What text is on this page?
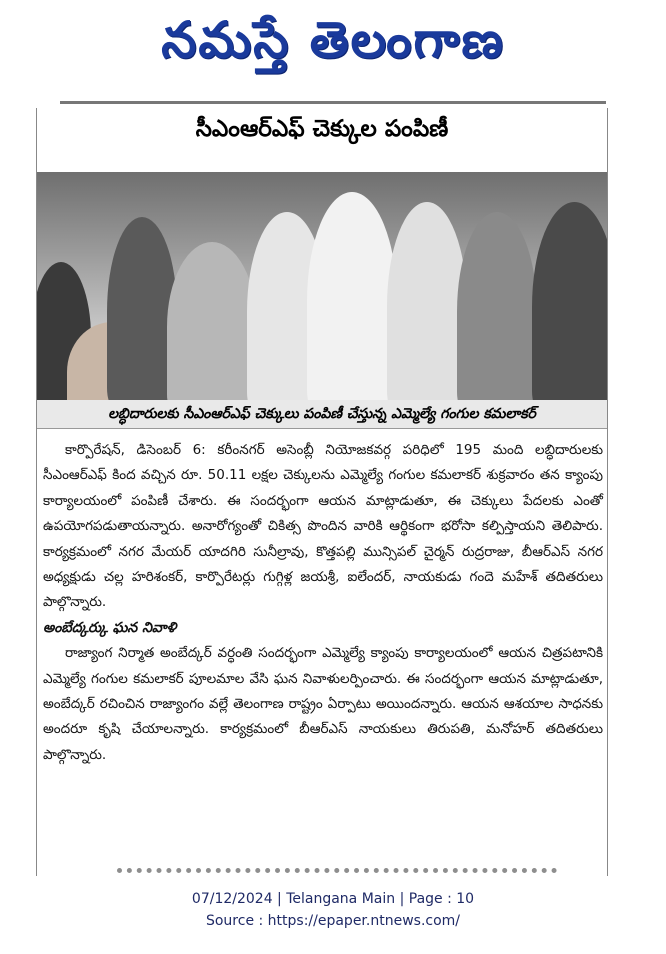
నమస్తే తెలంగాణ
సీఎంఆర్ఎఫ్ చెక్కుల పంపిణీ
లబ్ధిదారులకు సీఎంఆర్ఎఫ్ చెక్కులు పంపిణీ చేస్తున్న ఎమ్మెల్యే గంగుల కమలాకర్

కార్పొరేషన్, డిసెంబర్ 6: కరీంనగర్ అసెంబ్లీ నియోజకవర్గ పరిధిలో 195 మంది లబ్ధిదారులకు సీఎంఆర్ఎఫ్ కింద వచ్చిన రూ. 50.11 లక్షల చెక్కులను ఎమ్మెల్యే గంగుల కమలాకర్ శుక్రవారం తన క్యాంపు కార్యాలయంలో పంపిణీ చేశారు. ఈ సందర్భంగా ఆయన మాట్లాడుతూ, ఈ చెక్కులు పేదలకు ఎంతో ఉపయోగపడుతాయన్నారు. అనారోగ్యంతో చికిత్స పొందిన వారికి ఆర్థికంగా భరోసా కల్పిస్తాయని తెలిపారు. కార్యక్రమంలో నగర మేయర్ యాదగిరి సునీల్రావు, కొత్తపల్లి మున్సిపల్ చైర్మన్ రుద్రరాజు, బీఆర్ఎస్ నగర అధ్యక్షుడు చల్ల హరిశంకర్, కార్పొరేటర్లు గుగ్గిళ్ల జయశ్రీ, ఐలేందర్, నాయకుడు గందె మహేశ్ తదితరులు పాల్గొన్నారు.

అంబేద్కర్కు ఘన నివాళి

రాజ్యాంగ నిర్మాత అంబేద్కర్ వర్ధంతి సందర్భంగా ఎమ్మెల్యే క్యాంపు కార్యాలయంలో ఆయన చిత్రపటానికి ఎమ్మెల్యే గంగుల కమలాకర్ పూలమాల వేసి ఘన నివాళులర్పించారు. ఈ సందర్భంగా ఆయన మాట్లాడుతూ, అంబేద్కర్ రచించిన రాజ్యాంగం వల్లే తెలంగాణ రాష్ట్రం ఏర్పాటు అయిందన్నారు. ఆయన ఆశయాల సాధనకు అందరూ కృషి చేయాలన్నారు. కార్యక్రమంలో బీఆర్ఎస్ నాయకులు తిరుపతి, మనోహర్ తదితరులు పాల్గొన్నారు.

07/12/2024 | Telangana Main | Page : 10
Source : https://epaper.ntnews.com/
